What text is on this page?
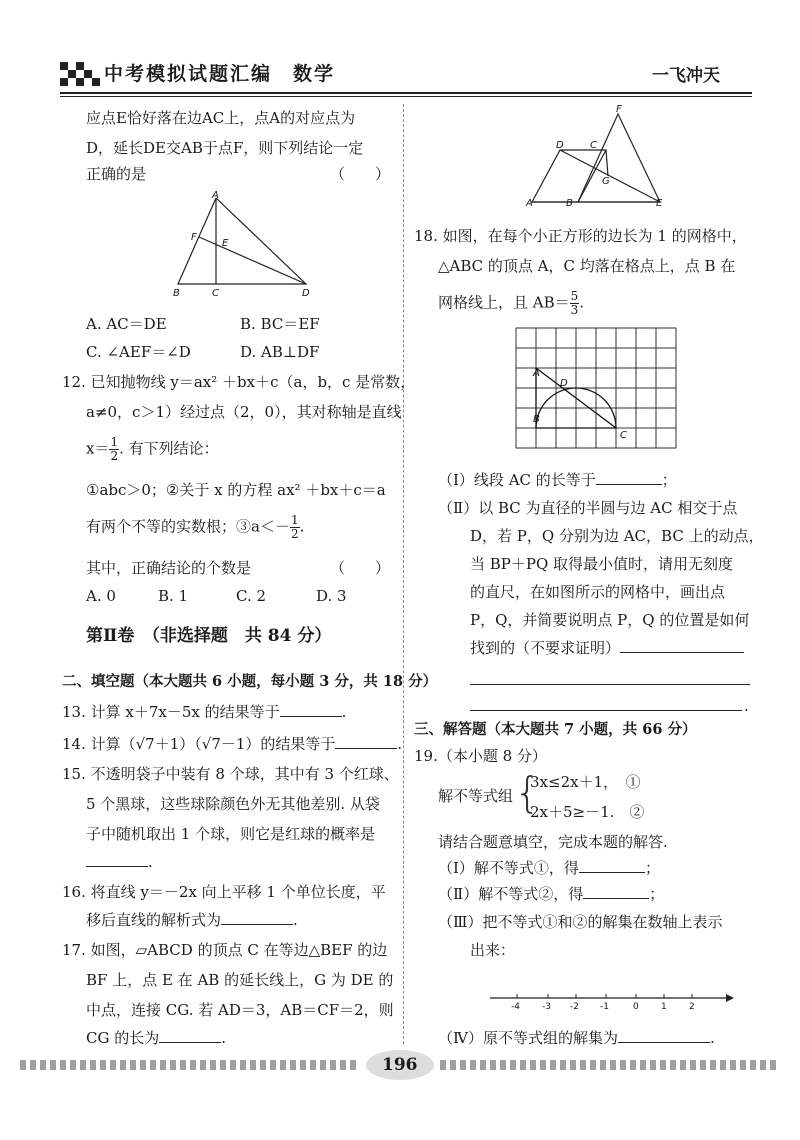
中考模拟试题汇编　数学	一飞冲天
应点E恰好落在边AC上，点A的对应点为
D，延长DE交AB于点F，则下列结论一定
正确的是	（　　）
A
F
E
B	C	D
A. AC＝DE	B. BC＝EF
C. ∠AEF＝∠D	D. AB⊥DF
12. 已知抛物线 y＝ax² ＋bx＋c（a，b，c 是常数，
a≠0，c＞1）经过点（2，0），其对称轴是直线
$x= \frac{1}{2}$ . 有下列结论：
①abc＞0；②关于 x 的方程 ax² ＋bx＋c＝a
有两个不等的实数根；③a＜－ $\frac{1}{2}$ .
其中，正确结论的个数是	（　　）
A. 0	B. 1	C. 2	D. 3
第Ⅱ卷　（非选择题　共 84 分）
二、填空题（本大题共 6 小题，每小题 3 分，共 18 分）
13. 计算 x＋7x－5x 的结果等于	.
14. 计算（√7＋1）（√7－1）的结果等于	.
15. 不透明袋子中装有 8 个球，其中有 3 个红球、
5 个黑球，这些球除颜色外无其他差别. 从袋
子中随机取出 1 个球，则它是红球的概率是
.
16. 将直线 y＝－2x 向上平移 1 个单位长度，平
移后直线的解析式为	.
17. 如图，▱ABCD 的顶点 C 在等边△BEF 的边
BF 上，点 E 在 AB 的延长线上，G 为 DE 的
中点，连接 CG. 若 AD＝3，AB＝CF＝2，则
CG 的长为	.
F
D	C
G
A	B	E
18. 如图，在每个小正方形的边长为 1 的网格中，
△ABC 的顶点 A，C 均落在格点上，点 B 在
网格线上，且 $AB= \frac{5}{3}$ .
A
D
B
C
（Ⅰ）线段 AC 的长等于	；
（Ⅱ）以 BC 为直径的半圆与边 AC 相交于点
D，若 P，Q 分别为边 AC，BC 上的动点，
当 BP＋PQ 取得最小值时，请用无刻度
的直尺，在如图所示的网格中，画出点
P，Q，并简要说明点 P，Q 的位置是如何
找到的（不要求证明）
.
三、解答题（本大题共 7 小题，共 66 分）
19.（本小题 8 分）
解不等式组 {
3x≤2x＋1，　①
2x＋5≥－1.　②
请结合题意填空，完成本题的解答.
（Ⅰ）解不等式①，得	；
（Ⅱ）解不等式②，得	；
（Ⅲ）把不等式①和②的解集在数轴上表示
出来：
-4 -3 -2 -1	0 1 2
（Ⅳ）原不等式组的解集为	.
196
